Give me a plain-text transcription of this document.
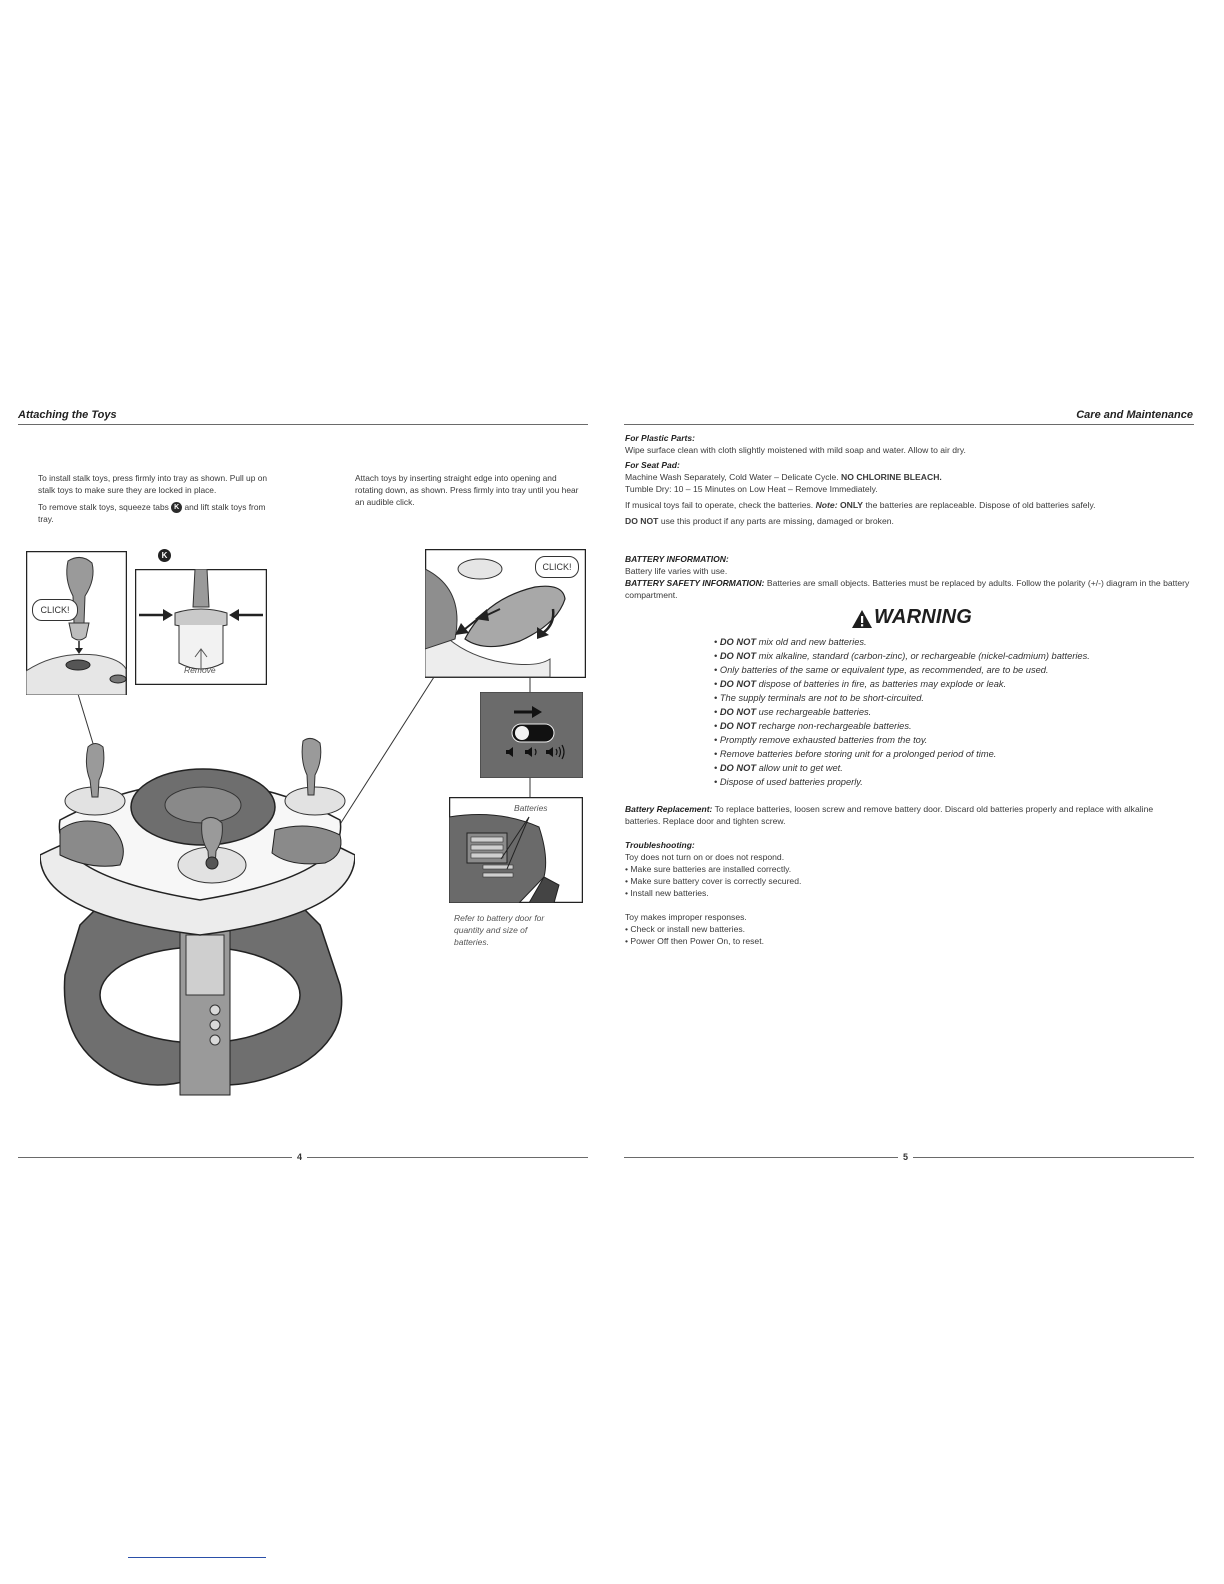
Attaching the Toys

To install stalk toys, press firmly into tray as shown. Pull up on stalk toys to make sure they are locked in place.

To remove stalk toys, squeeze tabs K and lift stalk toys from tray.

Attach toys by inserting straight edge into opening and rotating down, as shown. Press firmly into tray until you hear an audible click.

CLICK!
K
Remove
CLICK!
Batteries
Refer to battery door for quantity and size of batteries.
4
Care and Maintenance
For Plastic Parts:
Wipe surface clean with cloth slightly moistened with mild soap and water. Allow to air dry.
For Seat Pad:
Machine Wash Separately, Cold Water – Delicate Cycle. NO CHLORINE BLEACH.
Tumble Dry: 10 – 15 Minutes on Low Heat – Remove Immediately.
If musical toys fail to operate, check the batteries. Note: ONLY the batteries are replaceable. Dispose of old batteries safely.
DO NOT use this product if any parts are missing, damaged or broken.
BATTERY INFORMATION:
Battery life varies with use.
BATTERY SAFETY INFORMATION: Batteries are small objects. Batteries must be replaced by adults. Follow the polarity (+/-) diagram in the battery compartment.
WARNING
• DO NOT mix old and new batteries.
• DO NOT mix alkaline, standard (carbon-zinc), or rechargeable (nickel-cadmium) batteries.
• Only batteries of the same or equivalent type, as recommended, are to be used.
• DO NOT dispose of batteries in fire, as batteries may explode or leak.
• The supply terminals are not to be short-circuited.
• DO NOT use rechargeable batteries.
• DO NOT recharge non-rechargeable batteries.
• Promptly remove exhausted batteries from the toy.
• Remove batteries before storing unit for a prolonged period of time.
• DO NOT allow unit to get wet.
• Dispose of used batteries properly.
Battery Replacement: To replace batteries, loosen screw and remove battery door. Discard old batteries properly and replace with alkaline batteries. Replace door and tighten screw.
Troubleshooting:
Toy does not turn on or does not respond.
• Make sure batteries are installed correctly.
• Make sure battery cover is correctly secured.
• Install new batteries.
Toy makes improper responses.
• Check or install new batteries.
• Power Off then Power On, to reset.
5
